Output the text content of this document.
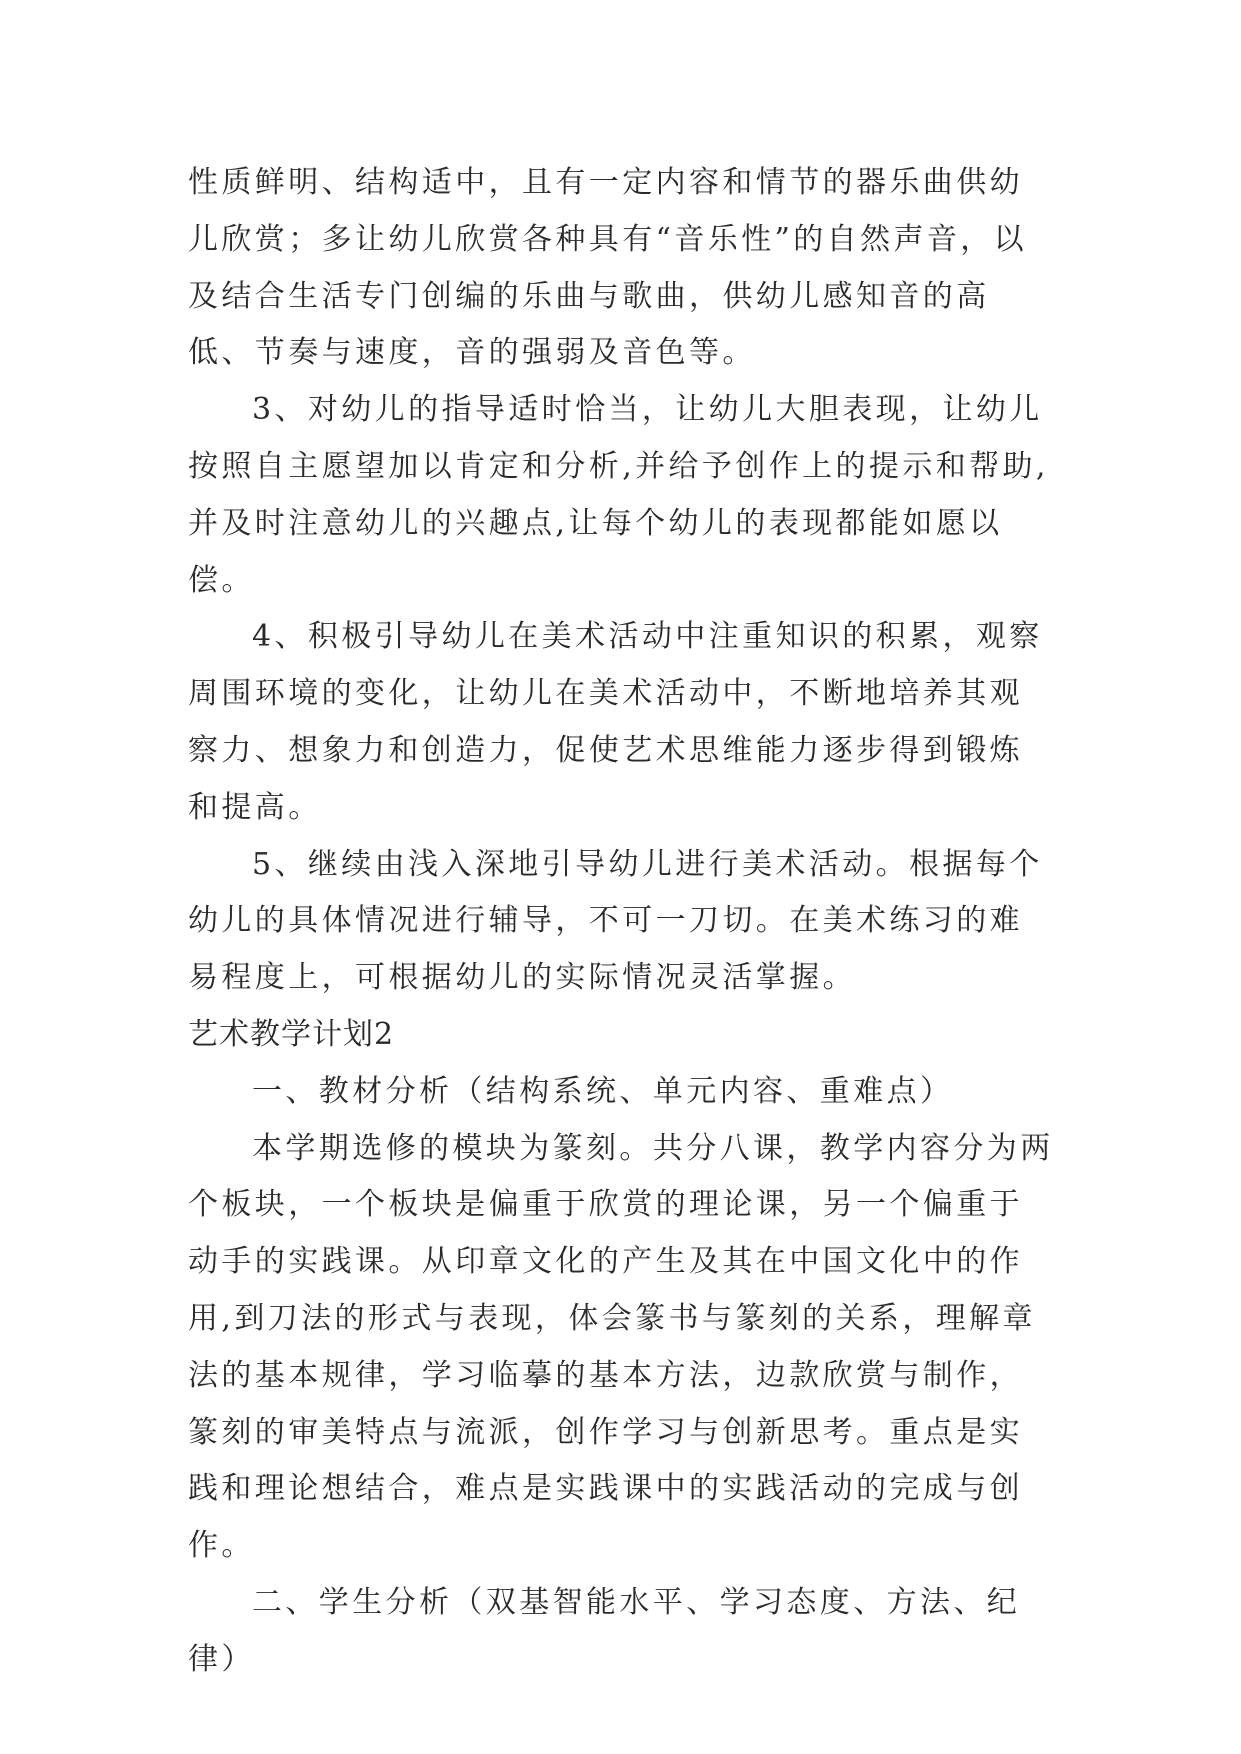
性质鲜明、结构适中，且有一定内容和情节的器乐曲供幼儿欣赏；多让幼儿欣赏各种具有“音乐性”的自然声音，以及结合生活专门创编的乐曲与歌曲，供幼儿感知音的高低、节奏与速度，音的强弱及音色等。

3、对幼儿的指导适时恰当，让幼儿大胆表现，让幼儿按照自主愿望加以肯定和分析,并给予创作上的提示和帮助,并及时注意幼儿的兴趣点,让每个幼儿的表现都能如愿以偿。

4、积极引导幼儿在美术活动中注重知识的积累，观察周围环境的变化，让幼儿在美术活动中，不断地培养其观察力、想象力和创造力，促使艺术思维能力逐步得到锻炼和提高。

5、继续由浅入深地引导幼儿进行美术活动。根据每个幼儿的具体情况进行辅导，不可一刀切。在美术练习的难易程度上，可根据幼儿的实际情况灵活掌握。

艺术教学计划2

一、教材分析（结构系统、单元内容、重难点）

本学期选修的模块为篆刻。共分八课，教学内容分为两个板块，一个板块是偏重于欣赏的理论课，另一个偏重于动手的实践课。从印章文化的产生及其在中国文化中的作用,到刀法的形式与表现，体会篆书与篆刻的关系，理解章法的基本规律，学习临摹的基本方法，边款欣赏与制作，篆刻的审美特点与流派，创作学习与创新思考。重点是实践和理论想结合，难点是实践课中的实践活动的完成与创作。

二、学生分析（双基智能水平、学习态度、方法、纪律）
